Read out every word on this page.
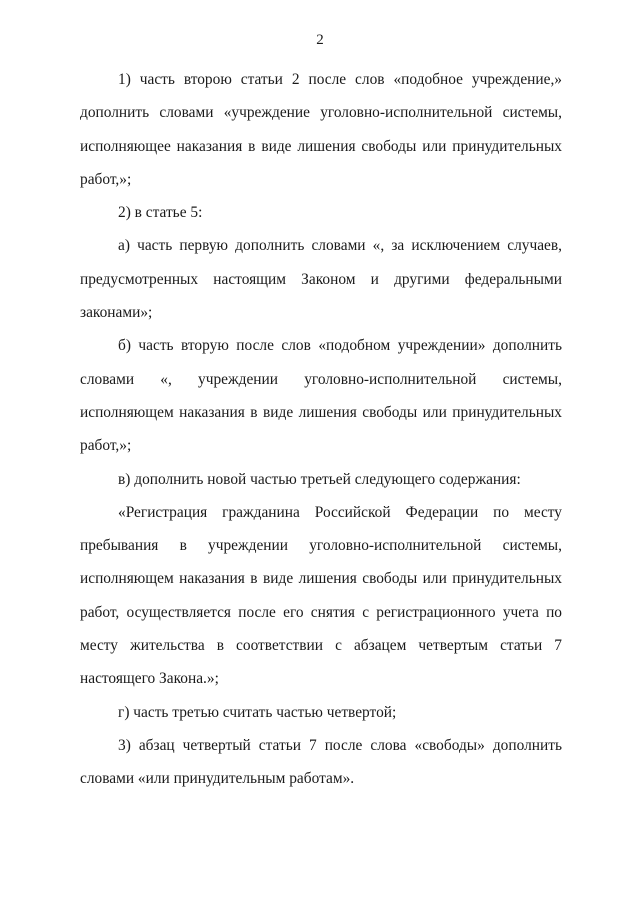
2

1) часть второю статьи 2 после слов «подобное учреждение,» дополнить словами «учреждение уголовно-исполнительной системы, исполняющее наказания в виде лишения свободы или принудительных работ,»;

2) в статье 5:

а) часть первую дополнить словами «, за исключением случаев, предусмотренных настоящим Законом и другими федеральными законами»;

б) часть вторую после слов «подобном учреждении» дополнить словами «, учреждении уголовно-исполнительной системы, исполняющем наказания в виде лишения свободы или принудительных работ,»;

в) дополнить новой частью третьей следующего содержания:

«Регистрация гражданина Российской Федерации по месту пребывания в учреждении уголовно-исполнительной системы, исполняющем наказания в виде лишения свободы или принудительных работ, осуществляется после его снятия с регистрационного учета по месту жительства в соответствии с абзацем четвертым статьи 7 настоящего Закона.»;

г) часть третью считать частью четвертой;

3) абзац четвертый статьи 7 после слова «свободы» дополнить словами «или принудительным работам».
